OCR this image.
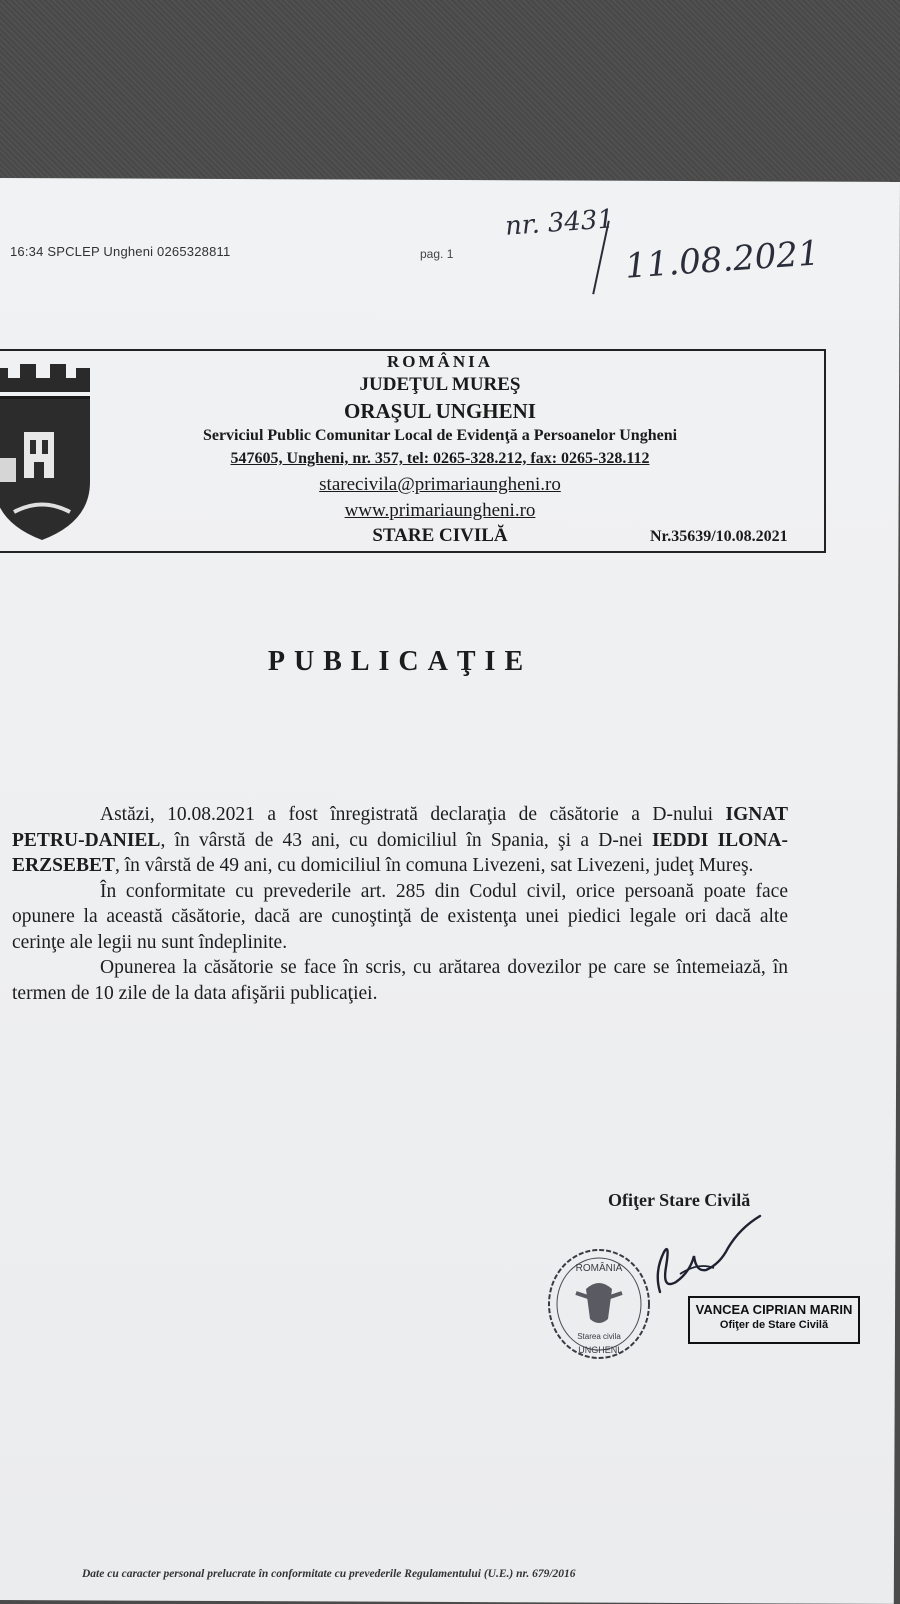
16:34 SPCLEP Ungheni 0265328811	pag. 1
nr. 3431
11.08.2021
ROMÂNIA
JUDEŢUL MUREŞ
ORAŞUL UNGHENI
Serviciul Public Comunitar Local de Evidenţă a Persoanelor Ungheni
547605, Ungheni, nr. 357, tel: 0265-328.212, fax: 0265-328.112
starecivila@primariaungheni.ro
www.primariaungheni.ro
STARE CIVILĂ	Nr.35639/10.08.2021
PUBLICAŢIE

Astăzi, 10.08.2021 a fost înregistrată declaraţia de căsătorie a D-nului IGNAT PETRU-DANIEL, în vârstă de 43 ani, cu domiciliul în Spania, şi a D-nei IEDDI ILONA-ERZSEBET, în vârstă de 49 ani, cu domiciliul în comuna Livezeni, sat Livezeni, judeţ Mureş.

În conformitate cu prevederile art. 285 din Codul civil, orice persoană poate face opunere la această căsătorie, dacă are cunoştinţă de existenţa unei piedici legale ori dacă alte cerinţe ale legii nu sunt îndeplinite.

Opunerea la căsătorie se face în scris, cu arătarea dovezilor pe care se întemeiază, în termen de 10 zile de la data afişării publicaţiei.

Ofiţer Stare Civilă
ROMÂNIA
Starea civila
UNGHENI
VANCEA CIPRIAN MARIN
Ofiţer de Stare Civilă
Date cu caracter personal prelucrate în conformitate cu prevederile Regulamentului (U.E.) nr. 679/2016
